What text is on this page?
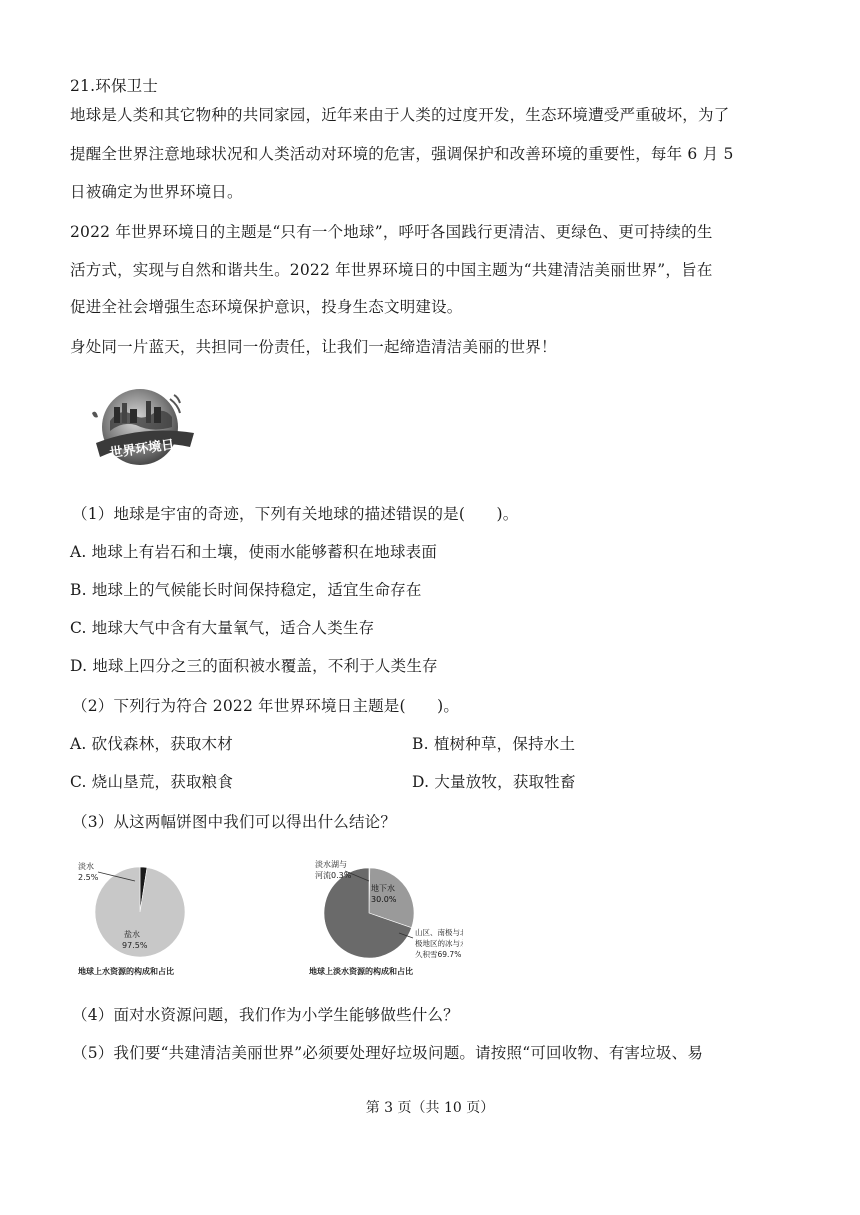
21.环保卫士
地球是人类和其它物种的共同家园，近年来由于人类的过度开发，生态环境遭受严重破坏，为了
提醒全世界注意地球状况和人类活动对环境的危害，强调保护和改善环境的重要性，每年 6 月 5
日被确定为世界环境日。
2022 年世界环境日的主题是“只有一个地球”，呼吁各国践行更清洁、更绿色、更可持续的生
活方式，实现与自然和谐共生。2022 年世界环境日的中国主题为“共建清洁美丽世界”，旨在
促进全社会增强生态环境保护意识，投身生态文明建设。
身处同一片蓝天，共担同一份责任，让我们一起缔造清洁美丽的世界！
世界环境日
（1）地球是宇宙的奇迹，下列有关地球的描述错误的是(　　)。
A. 地球上有岩石和土壤，使雨水能够蓄积在地球表面
B. 地球上的气候能长时间保持稳定，适宜生命存在
C. 地球大气中含有大量氧气，适合人类生存
D. 地球上四分之三的面积被水覆盖，不利于人类生存
（2）下列行为符合 2022 年世界环境日主题是(　　)。
A. 砍伐森林，获取木材	B. 植树种草，保持水土
C. 烧山垦荒，获取粮食	D. 大量放牧，获取牲畜
（3）从这两幅饼图中我们可以得出什么结论？
淡水
2.5%
盐水
97.5%
地球上水资源的构成和占比
淡水湖与
河流0.3%
地下水
30.0%
山区、南极与北
极地区的冰与永
久积雪69.7%
地球上淡水资源的构成和占比
（4）面对水资源问题，我们作为小学生能够做些什么？
（5）我们要“共建清洁美丽世界”必须要处理好垃圾问题。请按照“可回收物、有害垃圾、易
第 3 页（共 10 页）
